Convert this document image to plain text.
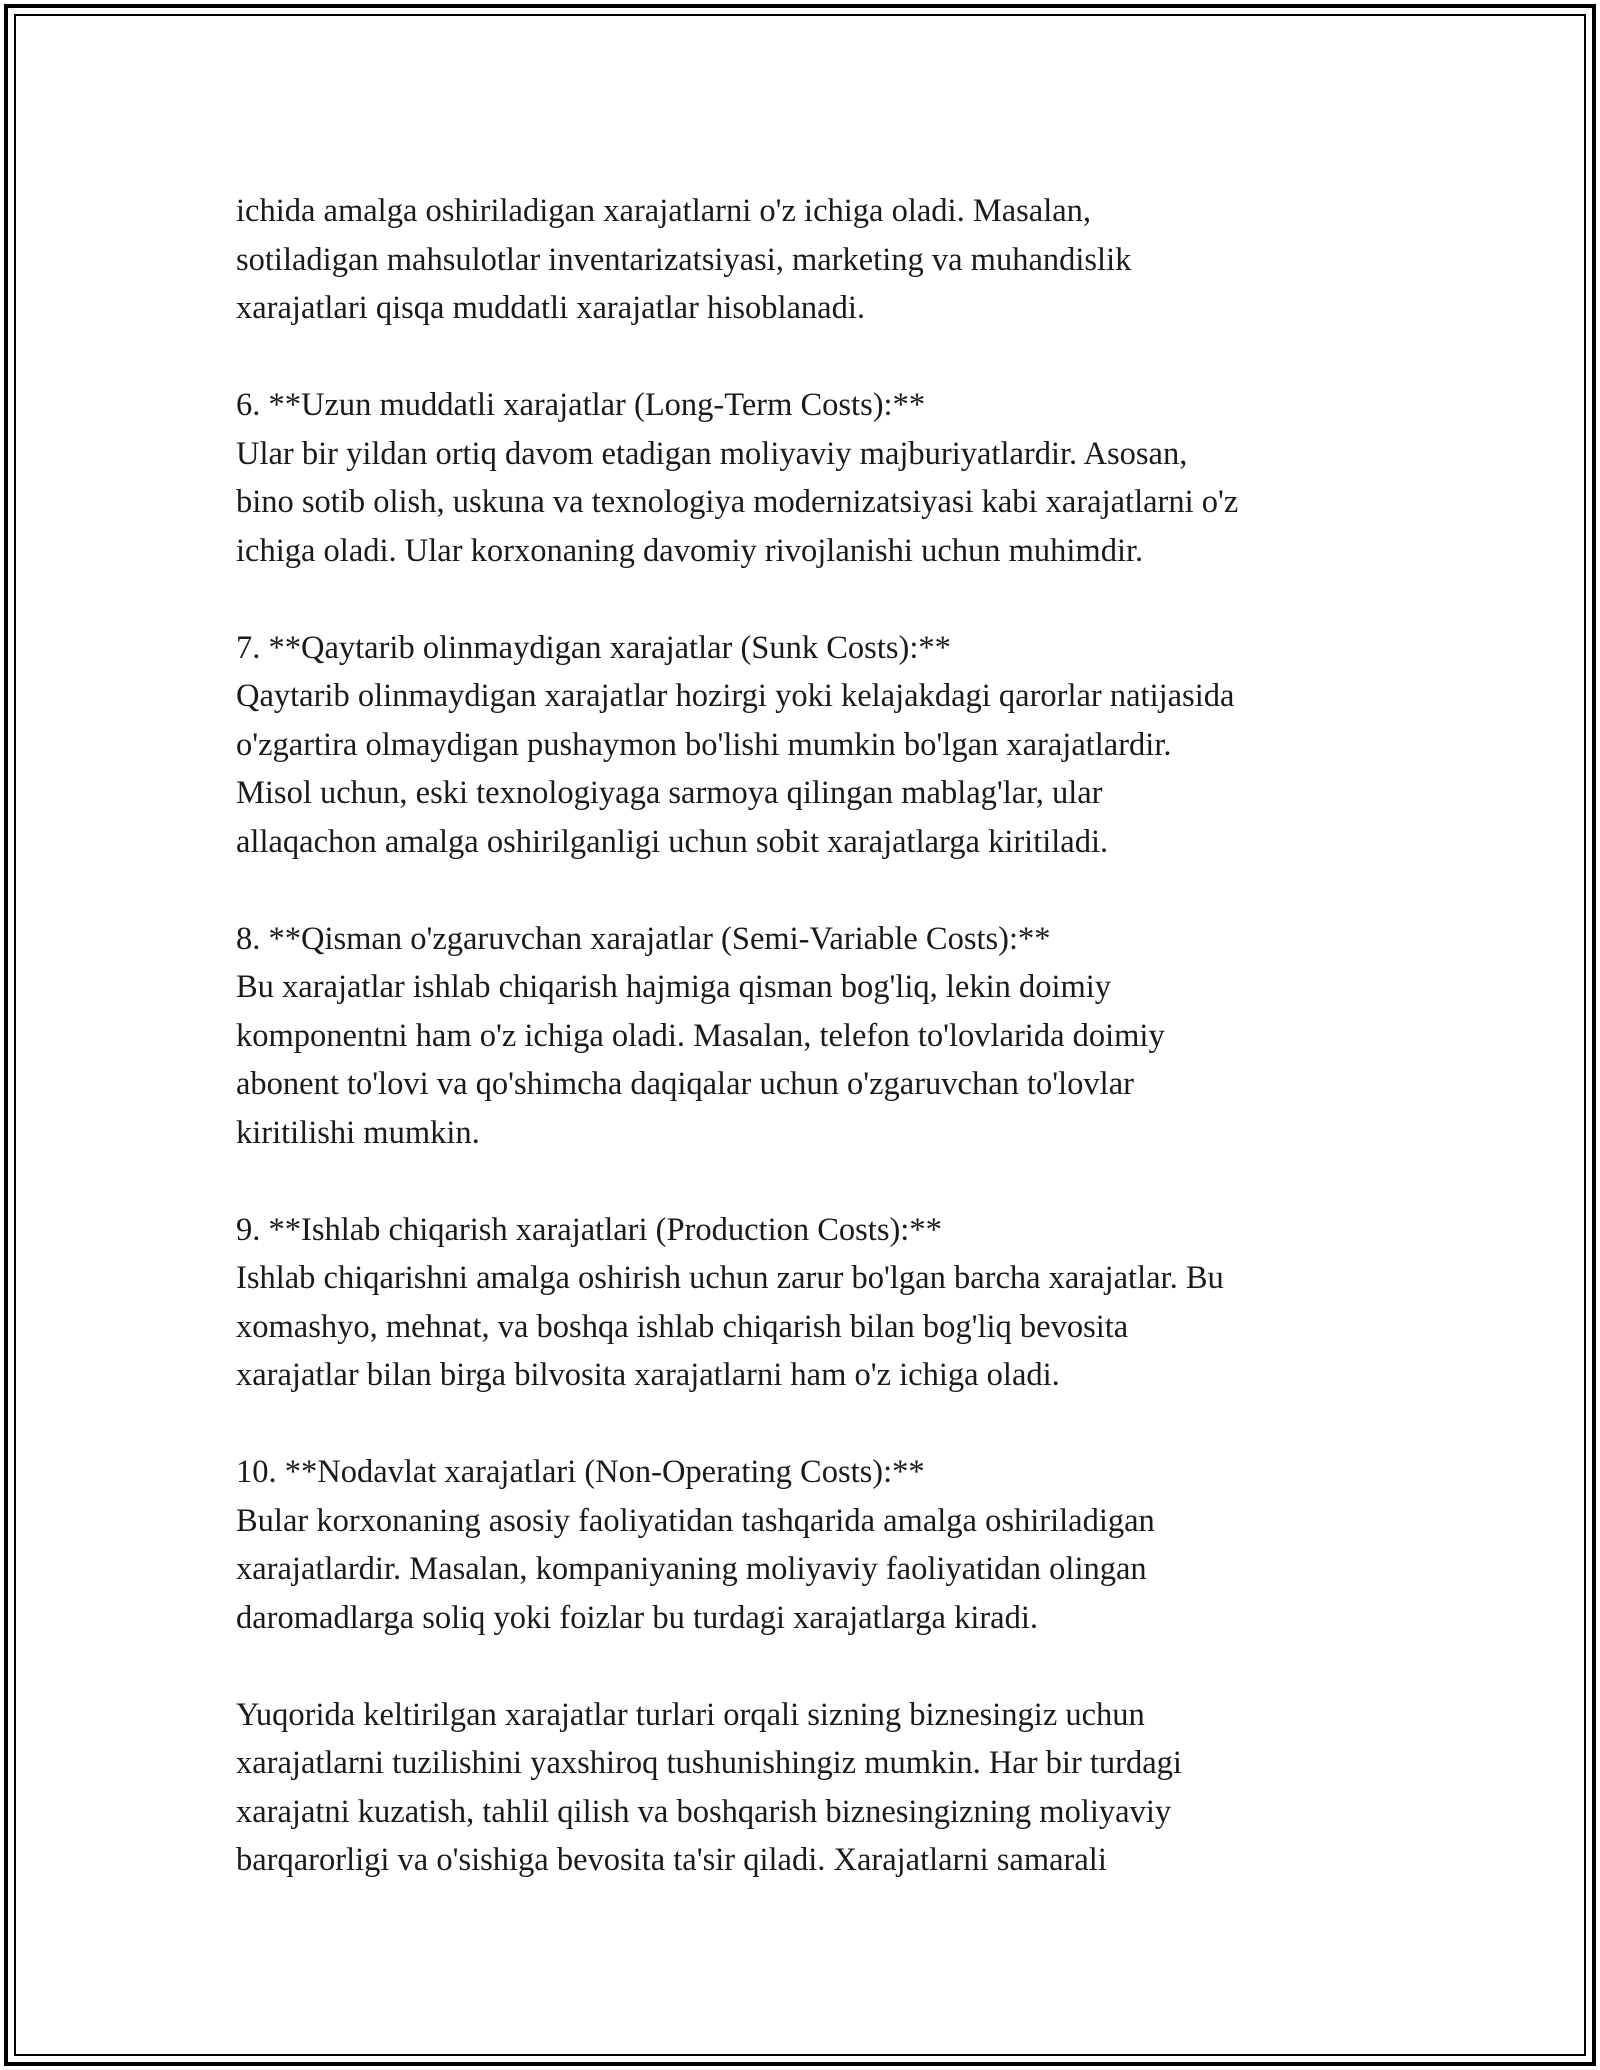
ichida amalga oshiriladigan xarajatlarni o'z ichiga oladi. Masalan,
sotiladigan mahsulotlar inventarizatsiyasi, marketing va muhandislik
xarajatlari qisqa muddatli xarajatlar hisoblanadi.
6. **Uzun muddatli xarajatlar (Long-Term Costs):**
Ular bir yildan ortiq davom etadigan moliyaviy majburiyatlardir. Asosan,
bino sotib olish, uskuna va texnologiya modernizatsiyasi kabi xarajatlarni o'z
ichiga oladi. Ular korxonaning davomiy rivojlanishi uchun muhimdir.
7. **Qaytarib olinmaydigan xarajatlar (Sunk Costs):**
Qaytarib olinmaydigan xarajatlar hozirgi yoki kelajakdagi qarorlar natijasida
o'zgartira olmaydigan pushaymon bo'lishi mumkin bo'lgan xarajatlardir.
Misol uchun, eski texnologiyaga sarmoya qilingan mablag'lar, ular
allaqachon amalga oshirilganligi uchun sobit xarajatlarga kiritiladi.
8. **Qisman o'zgaruvchan xarajatlar (Semi-Variable Costs):**
Bu xarajatlar ishlab chiqarish hajmiga qisman bog'liq, lekin doimiy
komponentni ham o'z ichiga oladi. Masalan, telefon to'lovlarida doimiy
abonent to'lovi va qo'shimcha daqiqalar uchun o'zgaruvchan to'lovlar
kiritilishi mumkin.
9. **Ishlab chiqarish xarajatlari (Production Costs):**
Ishlab chiqarishni amalga oshirish uchun zarur bo'lgan barcha xarajatlar. Bu
xomashyo, mehnat, va boshqa ishlab chiqarish bilan bog'liq bevosita
xarajatlar bilan birga bilvosita xarajatlarni ham o'z ichiga oladi.
10. **Nodavlat xarajatlari (Non-Operating Costs):**
Bular korxonaning asosiy faoliyatidan tashqarida amalga oshiriladigan
xarajatlardir. Masalan, kompaniyaning moliyaviy faoliyatidan olingan
daromadlarga soliq yoki foizlar bu turdagi xarajatlarga kiradi.
Yuqorida keltirilgan xarajatlar turlari orqali sizning biznesingiz uchun
xarajatlarni tuzilishini yaxshiroq tushunishingiz mumkin. Har bir turdagi
xarajatni kuzatish, tahlil qilish va boshqarish biznesingizning moliyaviy
barqarorligi va o'sishiga bevosita ta'sir qiladi. Xarajatlarni samarali
